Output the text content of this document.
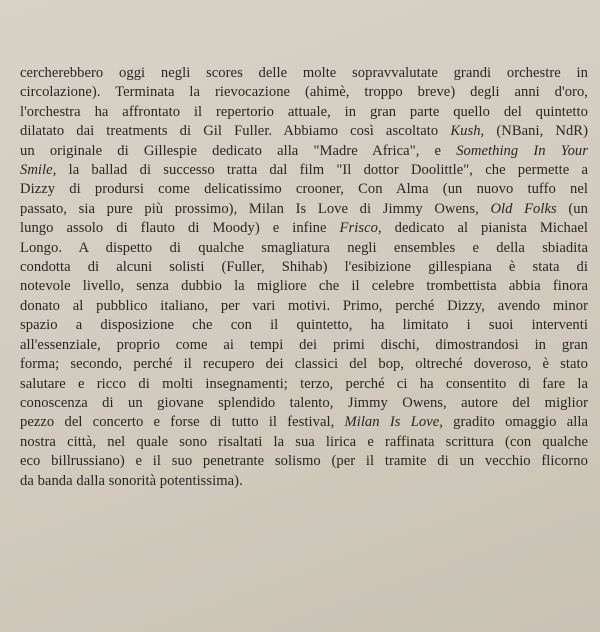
cercherebbero oggi negli scores delle molte sopravvalutate grandi orchestre in
circolazione). Terminata la rievocazione (ahimè, troppo breve) degli anni d'oro,
l'orchestra ha affrontato il repertorio attuale, in gran parte quello del quintetto
dilatato dai treatments di Gil Fuller. Abbiamo così ascoltato Kush, (NBani, NdR)
un originale di Gillespie dedicato alla "Madre Africa", e Something In Your
Smile, la ballad di successo tratta dal film "Il dottor Doolittle", che permette a
Dizzy di prodursi come delicatissimo crooner, Con Alma (un nuovo tuffo nel
passato, sia pure più prossimo), Milan Is Love di Jimmy Owens, Old Folks (un
lungo assolo di flauto di Moody) e infine Frisco, dedicato al pianista Michael
Longo. A dispetto di qualche smagliatura negli ensembles e della sbiadita
condotta di alcuni solisti (Fuller, Shihab) l'esibizione gillespiana è stata di
notevole livello, senza dubbio la migliore che il celebre trombettista abbia finora
donato al pubblico italiano, per vari motivi. Primo, perché Dizzy, avendo minor
spazio a disposizione che con il quintetto, ha limitato i suoi interventi
all'essenziale, proprio come ai tempi dei primi dischi, dimostrandosi in gran
forma; secondo, perché il recupero dei classici del bop, oltreché doveroso, è stato
salutare e ricco di molti insegnamenti; terzo, perché ci ha consentito di fare la
conoscenza di un giovane splendido talento, Jimmy Owens, autore del miglior
pezzo del concerto e forse di tutto il festival, Milan Is Love, gradito omaggio alla
nostra città, nel quale sono risaltati la sua lirica e raffinata scrittura (con qualche
eco billrussiano) e il suo penetrante solismo (per il tramite di un vecchio flicorno
da banda dalla sonorità potentissima).
